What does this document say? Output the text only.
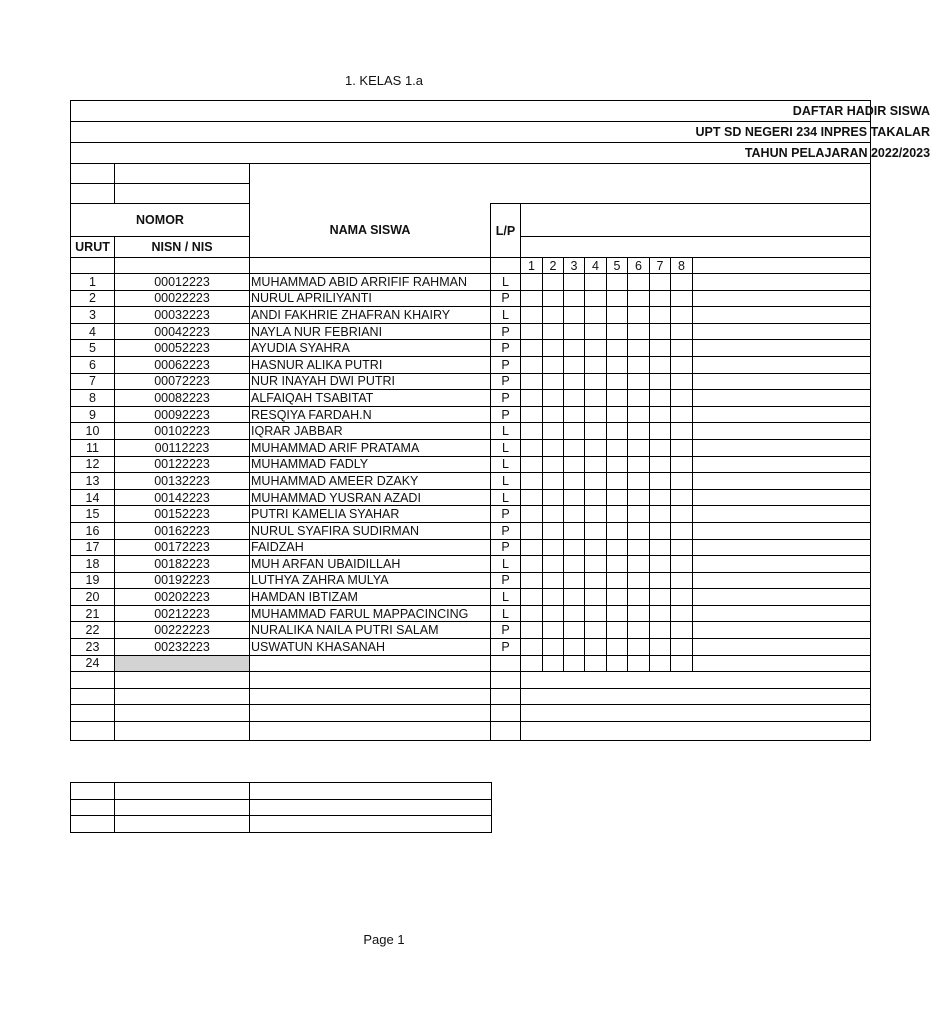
1. KELAS 1.a
DAFTAR HADIR SISWA												
UPT SD NEGERI 234 INPRES TAKALAR												
TAHUN PELAJARAN 2022/2023												

NOMOR		NAMA SISWA	L/P									
URUT	NISN / NIS											
				1	2	3	4	5	6	7	8	
1	00012223	MUHAMMAD ABID ARRIFIF RAHMAN	L									
2	00022223	NURUL APRILIYANTI	P									
3	00032223	ANDI FAKHRIE ZHAFRAN KHAIRY	L									
4	00042223	NAYLA NUR FEBRIANI	P									
5	00052223	AYUDIA SYAHRA	P									
6	00062223	HASNUR ALIKA PUTRI	P									
7	00072223	NUR INAYAH DWI PUTRI	P									
8	00082223	ALFAIQAH TSABITAT	P									
9	00092223	RESQIYA FARDAH.N	P									
10	00102223	IQRAR JABBAR	L									
11	00112223	MUHAMMAD ARIF PRATAMA	L									
12	00122223	MUHAMMAD FADLY	L									
13	00132223	MUHAMMAD AMEER DZAKY	L									
14	00142223	MUHAMMAD YUSRAN AZADI	L									
15	00152223	PUTRI KAMELIA SYAHAR	P									
16	00162223	NURUL SYAFIRA SUDIRMAN	P									
17	00172223	FAIDZAH	P									
18	00182223	MUH ARFAN UBAIDILLAH	L									
19	00192223	LUTHYA ZAHRA MULYA	P									
20	00202223	HAMDAN IBTIZAM	L									
21	00212223	MUHAMMAD FARUL MAPPACINCING	L									
22	00222223	NURALIKA NAILA PUTRI SALAM	P									
23	00232223	USWATUN KHASANAH	P									
24												

Page 1
